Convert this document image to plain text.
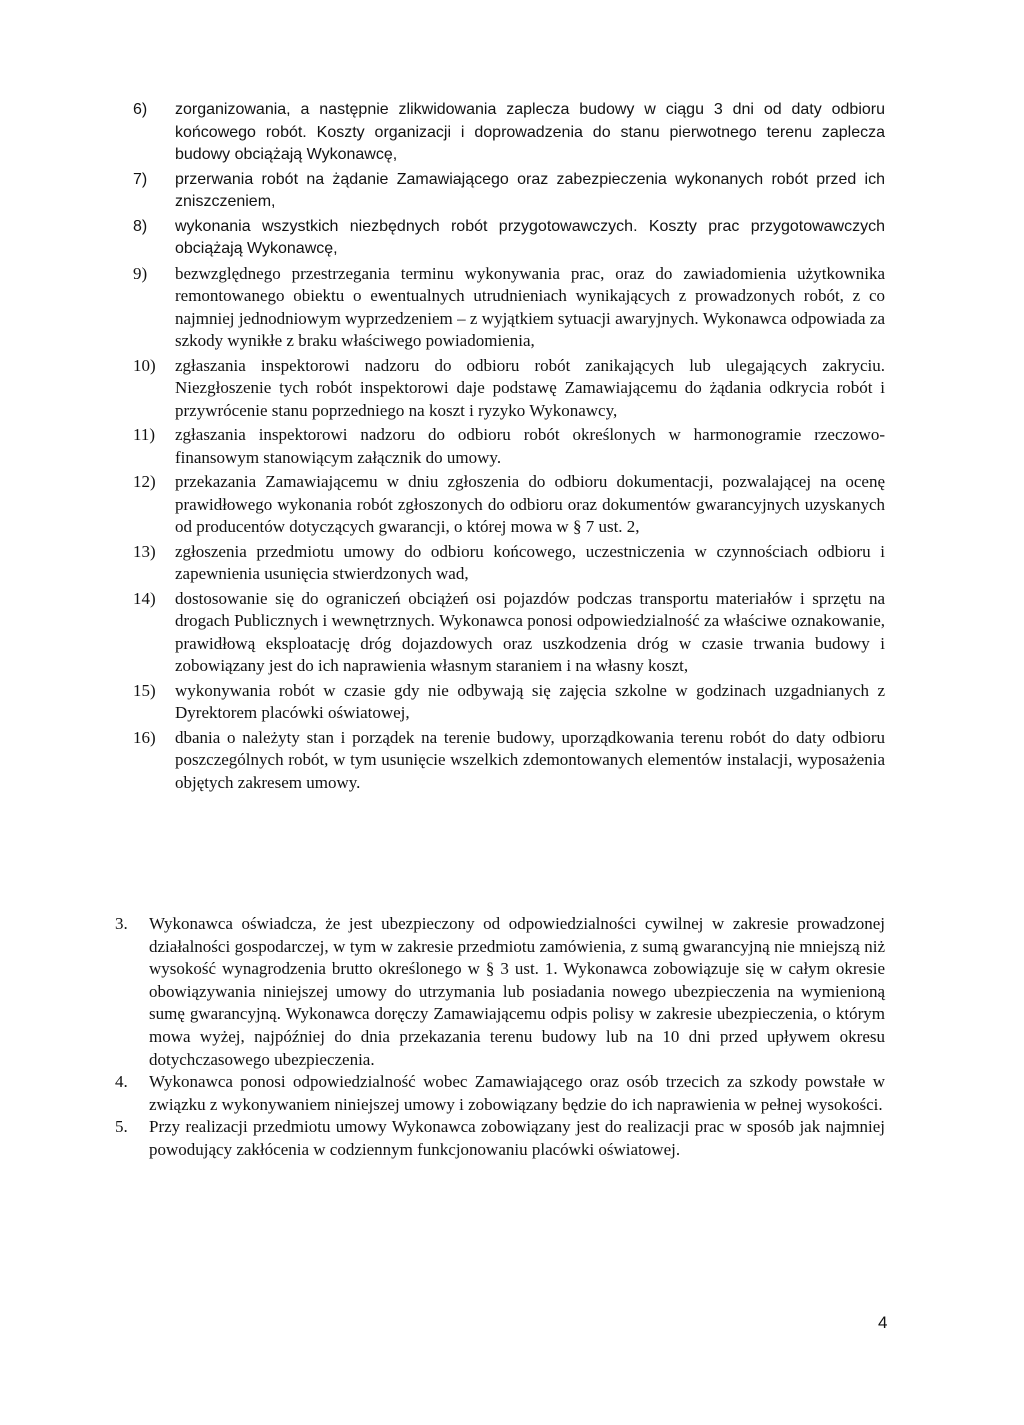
6) zorganizowania, a następnie zlikwidowania zaplecza budowy w ciągu 3 dni od daty odbioru końcowego robót. Koszty organizacji i doprowadzenia do stanu pierwotnego terenu zaplecza budowy obciążają Wykonawcę,
7) przerwania robót na żądanie Zamawiającego oraz zabezpieczenia wykonanych robót przed ich zniszczeniem,
8) wykonania wszystkich niezbędnych robót przygotowawczych. Koszty prac przygotowawczych obciążają Wykonawcę,
9) bezwzględnego przestrzegania terminu wykonywania prac, oraz do zawiadomienia użytkownika remontowanego obiektu o ewentualnych utrudnieniach wynikających z prowadzonych robót, z co najmniej jednodniowym wyprzedzeniem – z wyjątkiem sytuacji awaryjnych. Wykonawca odpowiada za szkody wynikłe z braku właściwego powiadomienia,
10) zgłaszania inspektorowi nadzoru do odbioru robót zanikających lub ulegających zakryciu. Niezgłoszenie tych robót inspektorowi daje podstawę Zamawiającemu do żądania odkrycia robót i przywrócenie stanu poprzedniego na koszt i ryzyko Wykonawcy,
11) zgłaszania inspektorowi nadzoru do odbioru robót określonych w harmonogramie rzeczowo-finansowym stanowiącym załącznik do umowy.
12) przekazania Zamawiającemu w dniu zgłoszenia do odbioru dokumentacji, pozwalającej na ocenę prawidłowego wykonania robót zgłoszonych do odbioru oraz dokumentów gwarancyjnych uzyskanych od producentów dotyczących gwarancji, o której mowa w § 7 ust. 2,
13) zgłoszenia przedmiotu umowy do odbioru końcowego, uczestniczenia w czynnościach odbioru i zapewnienia usunięcia stwierdzonych wad,
14) dostosowanie się do ograniczeń obciążeń osi pojazdów podczas transportu materiałów i sprzętu na drogach Publicznych i wewnętrznych. Wykonawca ponosi odpowiedzialność za właściwe oznakowanie, prawidłową eksploatację dróg dojazdowych oraz uszkodzenia dróg w czasie trwania budowy i zobowiązany jest do ich naprawienia własnym staraniem i na własny koszt,
15) wykonywania robót w czasie gdy nie odbywają się zajęcia szkolne w godzinach uzgadnianych z Dyrektorem placówki oświatowej,
16) dbania o należyty stan i porządek na terenie budowy, uporządkowania terenu robót do daty odbioru poszczególnych robót, w tym usunięcie wszelkich zdemontowanych elementów instalacji, wyposażenia objętych zakresem umowy.
3. Wykonawca oświadcza, że jest ubezpieczony od odpowiedzialności cywilnej w zakresie prowadzonej działalności gospodarczej, w tym w zakresie przedmiotu zamówienia, z sumą gwarancyjną nie mniejszą niż wysokość wynagrodzenia brutto określonego w § 3 ust. 1. Wykonawca zobowiązuje się w całym okresie obowiązywania niniejszej umowy do utrzymania lub posiadania nowego ubezpieczenia na wymienioną sumę gwarancyjną. Wykonawca doręczy Zamawiającemu odpis polisy w zakresie ubezpieczenia, o którym mowa wyżej, najpóźniej do dnia przekazania terenu budowy lub na 10 dni przed upływem okresu dotychczasowego ubezpieczenia.
4. Wykonawca ponosi odpowiedzialność wobec Zamawiającego oraz osób trzecich za szkody powstałe w związku z wykonywaniem niniejszej umowy i zobowiązany będzie do ich naprawienia w pełnej wysokości.
5. Przy realizacji przedmiotu umowy Wykonawca zobowiązany jest do realizacji prac w sposób jak najmniej powodujący zakłócenia w codziennym funkcjonowaniu placówki oświatowej.
4
